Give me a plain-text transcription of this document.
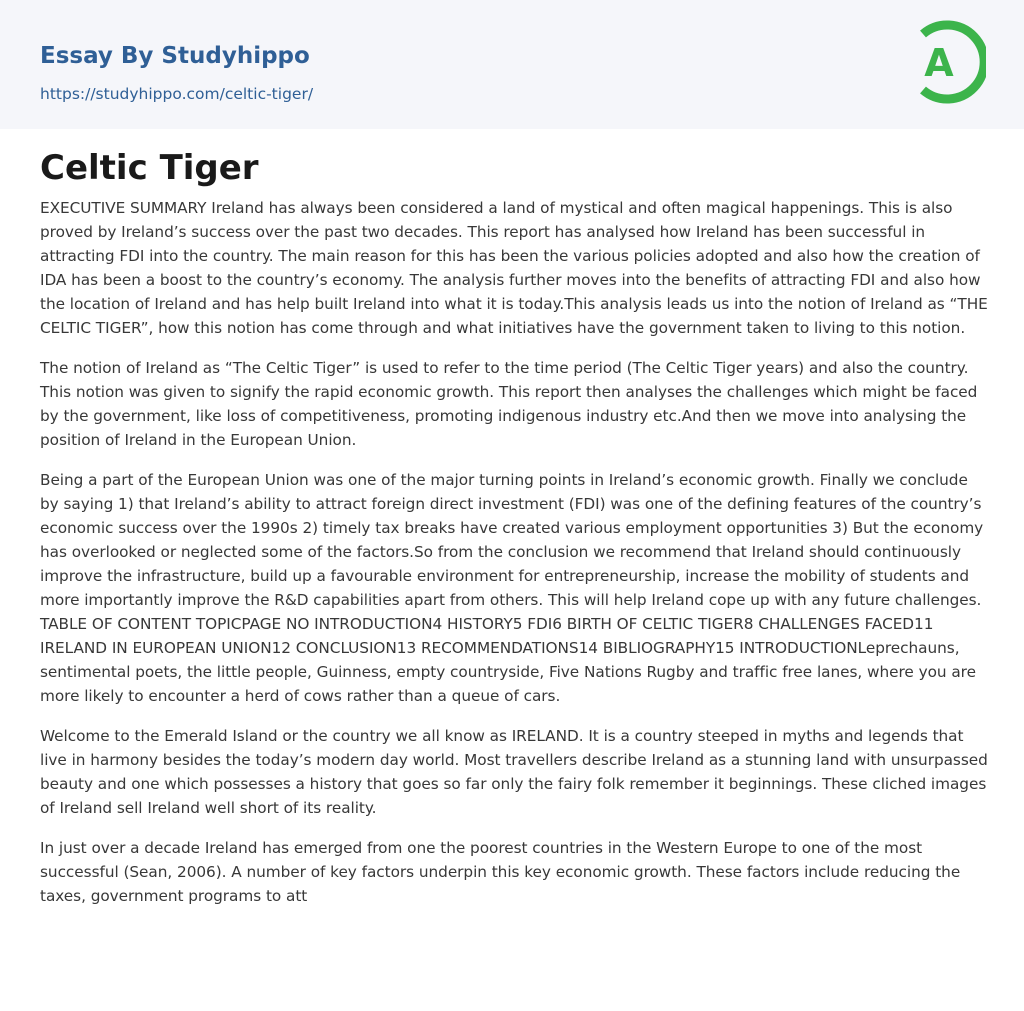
Essay By Studyhippo
https://studyhippo.com/celtic-tiger/
A
Celtic Tiger

EXECUTIVE SUMMARY Ireland has always been considered a land of mystical and often magical happenings. This is also proved by Ireland’s success over the past two decades. This report has analysed how Ireland has been successful in attracting FDI into the country. The main reason for this has been the various policies adopted and also how the creation of IDA has been a boost to the country’s economy. The analysis further moves into the benefits of attracting FDI and also how the location of Ireland and has help built Ireland into what it is today.This analysis leads us into the notion of Ireland as “THE CELTIC TIGER”, how this notion has come through and what initiatives have the government taken to living to this notion.

The notion of Ireland as “The Celtic Tiger” is used to refer to the time period (The Celtic Tiger years) and also the country. This notion was given to signify the rapid economic growth. This report then analyses the challenges which might be faced by the government, like loss of competitiveness, promoting indigenous industry etc.And then we move into analysing the position of Ireland in the European Union.

Being a part of the European Union was one of the major turning points in Ireland’s economic growth. Finally we conclude by saying 1) that Ireland’s ability to attract foreign direct investment (FDI) was one of the defining features of the country’s economic success over the 1990s 2) timely tax breaks have created various employment opportunities 3) But the economy has overlooked or neglected some of the factors.So from the conclusion we recommend that Ireland should continuously improve the infrastructure, build up a favourable environment for entrepreneurship, increase the mobility of students and more importantly improve the R&D capabilities apart from others. This will help Ireland cope up with any future challenges. TABLE OF CONTENT TOPICPAGE NO INTRODUCTION4 HISTORY5 FDI6 BIRTH OF CELTIC TIGER8 CHALLENGES FACED11 IRELAND IN EUROPEAN UNION12 CONCLUSION13 RECOMMENDATIONS14 BIBLIOGRAPHY15 INTRODUCTIONLeprechauns, sentimental poets, the little people, Guinness, empty countryside, Five Nations Rugby and traffic free lanes, where you are more likely to encounter a herd of cows rather than a queue of cars.

Welcome to the Emerald Island or the country we all know as IRELAND. It is a country steeped in myths and legends that live in harmony besides the today’s modern day world. Most travellers describe Ireland as a stunning land with unsurpassed beauty and one which possesses a history that goes so far only the fairy folk remember it beginnings. These cliched images of Ireland sell Ireland well short of its reality.

In just over a decade Ireland has emerged from one the poorest countries in the Western Europe to one of the most successful (Sean, 2006). A number of key factors underpin this key economic growth. These factors include reducing the taxes, government programs to att
